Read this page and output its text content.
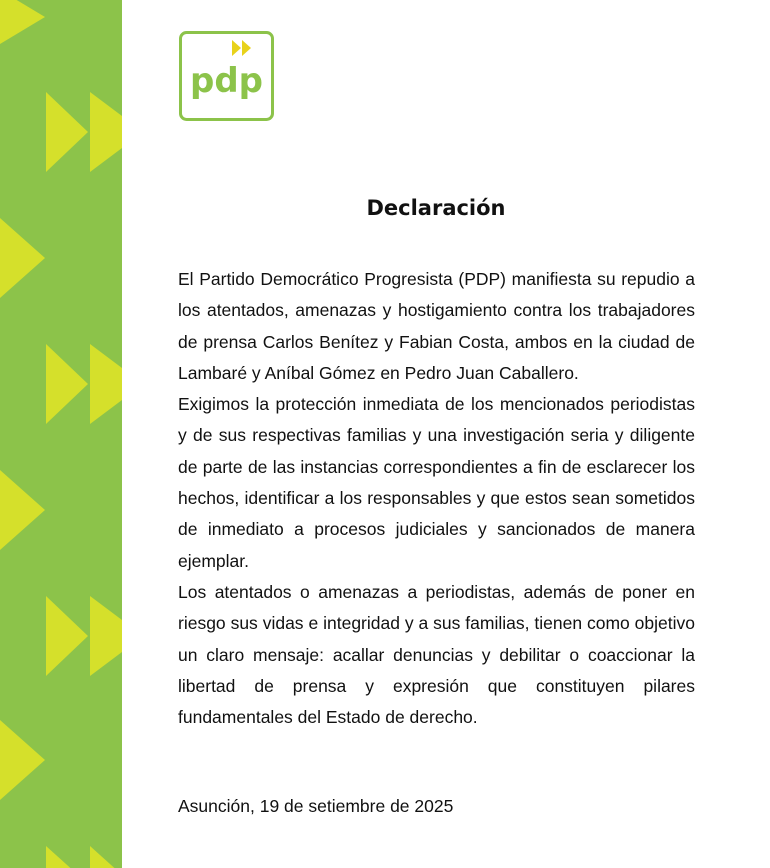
pdp
Declaración

El Partido Democrático Progresista (PDP) manifiesta su repudio a los atentados, amenazas y hostigamiento contra los trabajadores de prensa Carlos Benítez y Fabian Costa, ambos en la ciudad de Lambaré y Aníbal Gómez en Pedro Juan Caballero.

Exigimos la protección inmediata de los mencionados periodistas y de sus respectivas familias y una investigación seria y diligente de parte de las instancias correspondientes a fin de esclarecer los hechos, identificar a los responsables y que estos sean sometidos de inmediato a procesos judiciales y sancionados de manera ejemplar.

Los atentados o amenazas a periodistas, además de poner en riesgo sus vidas e integridad y a sus familias, tienen como objetivo un claro mensaje: acallar denuncias y debilitar o coaccionar la libertad de prensa y expresión que constituyen pilares fundamentales del Estado de derecho.

Asunción, 19 de setiembre de 2025
